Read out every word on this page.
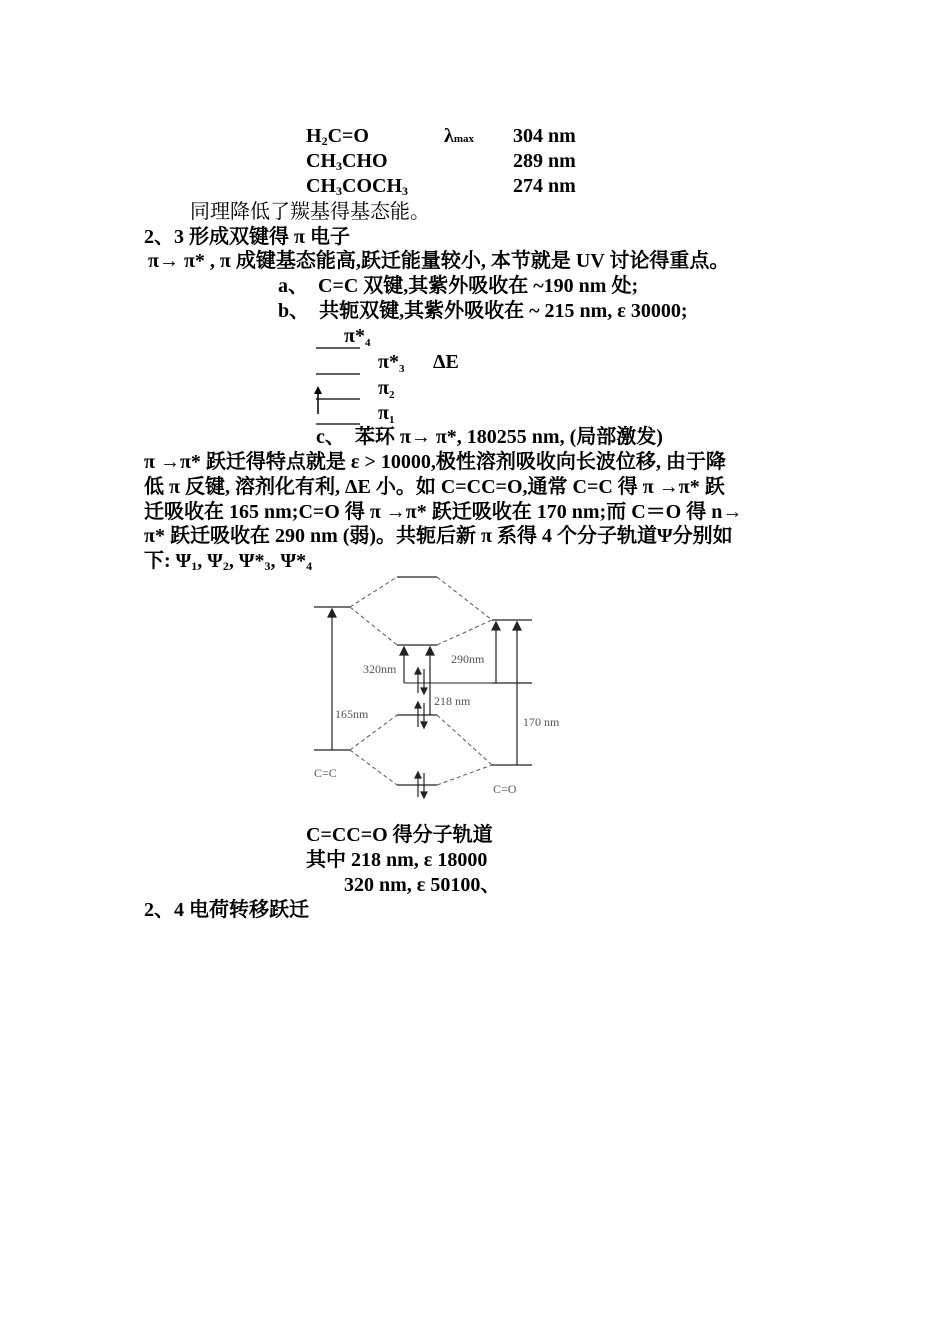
$H_2C=O$	λmax 304 nm
$CH_3CHO$	289 nm
$CH_3COCH_3$	274 nm
同理降低了羰基得基态能。
2、3 形成双键得 π 电子
π→ π* , π 成键基态能高,跃迁能量较小, 本节就是 UV 讨论得重点。
a、 C=C 双键,其紫外吸收在 ~190 nm 处;
b、 共轭双键,其紫外吸收在 ~ 215 nm, ε 30000;
$\pi*_4$
$\pi*_3$ ΔE
$\pi_2$
$\pi_1$
c、 苯环 π→ π*, 180255 nm, (局部激发)
π →π* 跃迁得特点就是 ε > 10000,极性溶剂吸收向长波位移, 由于降
低 π 反键, 溶剂化有利, ΔE 小。如 C=CC=O,通常 C=C 得 π →π* 跃
迁吸收在 165 nm;C=O 得 π →π* 跃迁吸收在 170 nm;而 C＝O 得 n→
π* 跃迁吸收在 290 nm (弱)。共轭后新 π 系得 4 个分子轨道Ψ分别如
下: $\Psi_1$, $\Psi_2$, $\Psi*_3$, $\Psi*_4$
320nm
290nm
218 nm
165nm
170 nm
C=C
C=O
C=CC=O 得分子轨道
其中 218 nm, ε 18000
320 nm, ε 50100、
2、4 电荷转移跃迁
